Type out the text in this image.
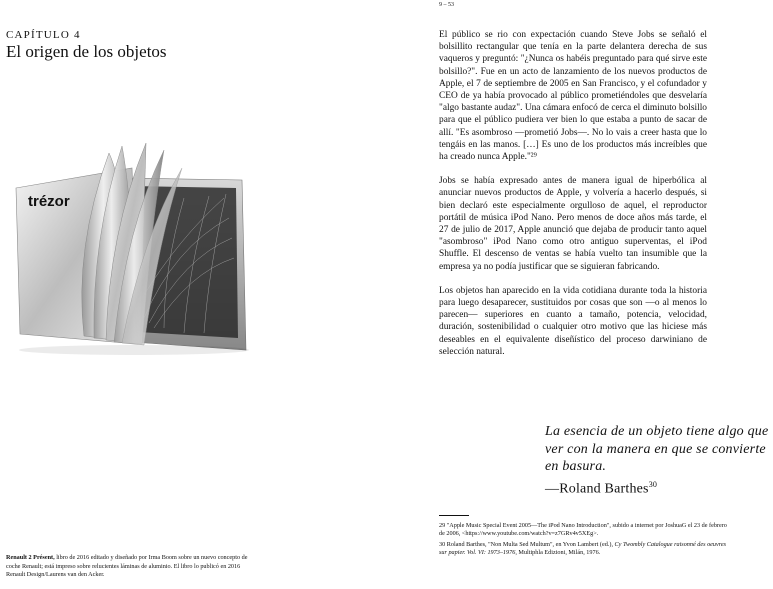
CAPÍTULO 4
El origen de los objetos
trézor
Renault 2 Présent, libro de 2016 editado y diseñado por Irma Boom sobre un nuevo concepto de coche Renault; está impreso sobre relucientes láminas de aluminio. El libro lo publicó en 2016 Renault Design/Laurens van den Acker.
9 – 53

El público se rio con expectación cuando Steve Jobs se señaló el bolsillito rectangular que tenía en la parte delantera derecha de sus vaqueros y preguntó: "¿Nunca os habéis preguntado para qué sirve este bolsillo?". Fue en un acto de lanzamiento de los nuevos productos de Apple, el 7 de septiembre de 2005 en San Francisco, y el cofundador y CEO de ya había provocado al público prometiéndoles que desvelaría "algo bastante audaz". Una cámara enfocó de cerca el diminuto bolsillo para que el público pudiera ver bien lo que estaba a punto de sacar de allí. "Es asombroso —prometió Jobs—. No lo vais a creer hasta que lo tengáis en las manos. […] Es uno de los productos más increíbles que ha creado nunca Apple."²⁹

Jobs se había expresado antes de manera igual de hiperbólica al anunciar nuevos productos de Apple, y volvería a hacerlo después, si bien declaró este especialmente orgulloso de aquel, el reproductor portátil de música iPod Nano. Pero menos de doce años más tarde, el 27 de julio de 2017, Apple anunció que dejaba de producir tanto aquel "asombroso" iPod Nano como otro antiguo superventas, el iPod Shuffle. El descenso de ventas se había vuelto tan insumible que la empresa ya no podía justificar que se siguieran fabricando.

Los objetos han aparecido en la vida cotidiana durante toda la historia para luego desaparecer, sustituidos por cosas que son —o al menos lo parecen— superiores en cuanto a tamaño, potencia, velocidad, duración, sostenibilidad o cualquier otro motivo que las hiciese más deseables en el equivalente diseñístico del proceso darwiniano de selección natural.

La esencia de un objeto tiene algo que ver con la manera en que se convierte en basura.
—Roland Barthes$^{30}$

29 "Apple Music Special Event 2005—The iPod Nano Introduction", subido a internet por JoshuaG el 23 de febrero de 2006, <https://www.youtube.com/watch?v=z7GRv4v5XEg>.

30 Roland Barthes, "Non Multa Sed Multum", en Yvon Lambert (ed.), Cy Twombly Catalogue raisonné des oeuvres sur papier. Vol. VI: 1973–1976, Multiphla Edizioni, Milán, 1976.
